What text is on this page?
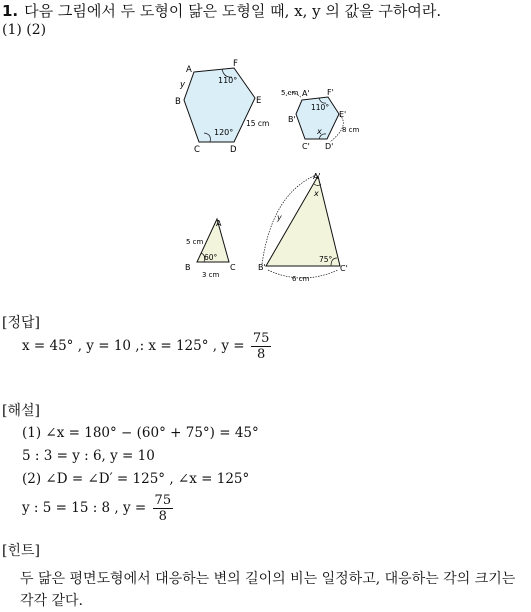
1. 다음 그림에서 두 도형이 닮은 도형일 때, x, y 의 값을 구하여라.
(1) (2)
A
F
B	E
C	D
y	110°
120°
15 cm
A' F'
B'
E'
C' D'
5 cm
110°
x	8 cm
A
B	C
5 cm
60°
3 cm
A'
B'	C'
x
y
75°
6 cm
[정답]
x = 45° , y = 10 ,: x = 125° , $y = \frac{75}{8}$
[해설]
(1) ∠x = 180° − (60° + 75°) = 45°
5 : 3 = y : 6, y = 10
(2) ∠D = ∠D′ = 125° , ∠x = 125°
y : 5 = 15 : 8 , $y = \frac{75}{8}$
[힌트]
두 닮은 평면도형에서 대응하는 변의 길이의 비는 일정하고, 대응하는 각의 크기는 각각 같다.
